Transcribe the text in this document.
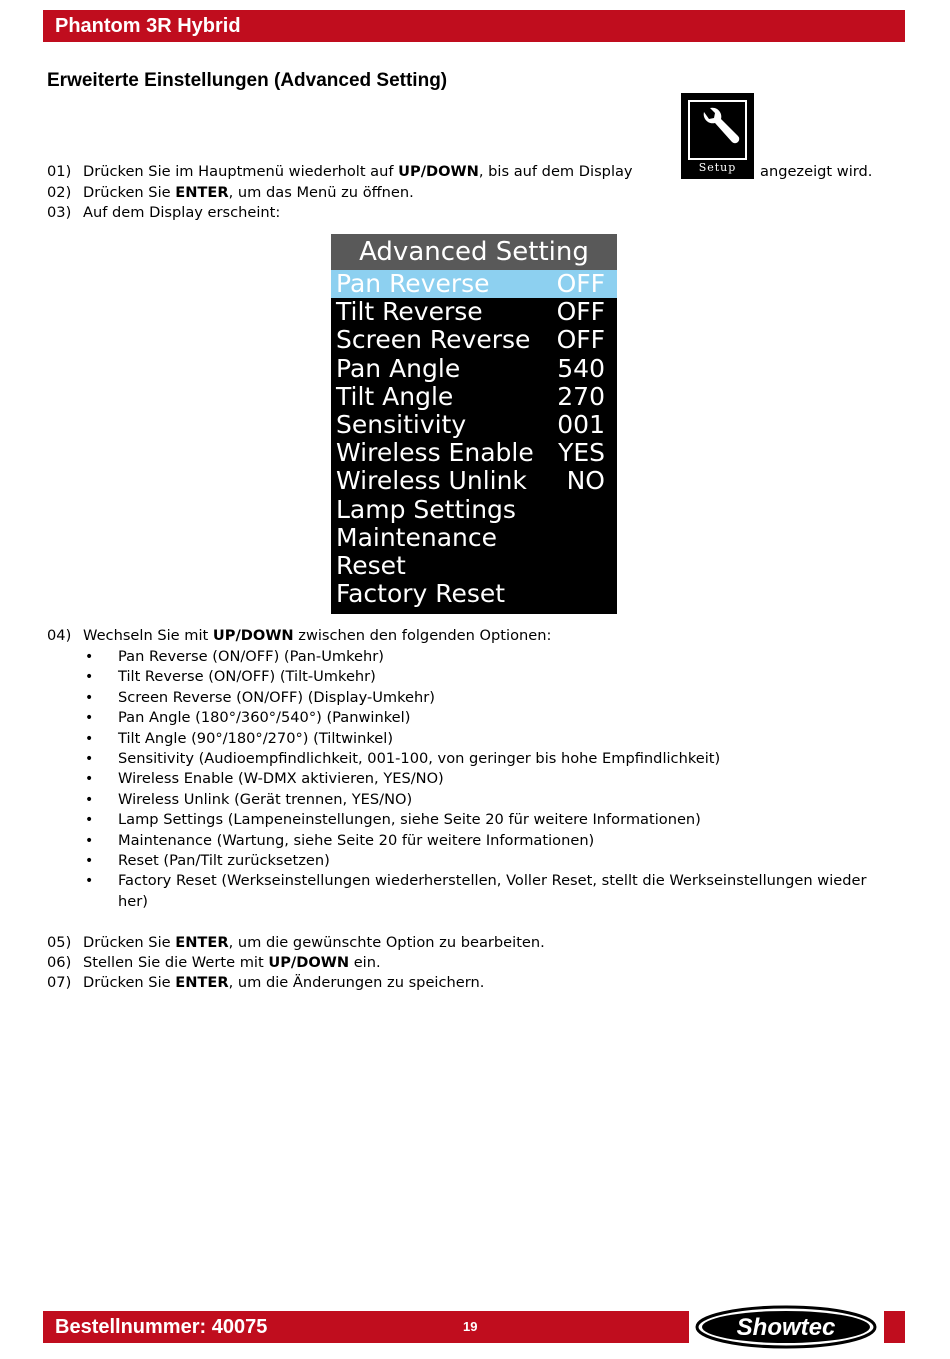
Phantom 3R Hybrid
Erweiterte Einstellungen (Advanced Setting)
01) Drücken Sie im Hauptmenü wiederholt auf UP/DOWN, bis auf dem Display	Setup	angezeigt wird.
02) Drücken Sie ENTER, um das Menü zu öffnen.
03) Auf dem Display erscheint:
Advanced Setting
Pan Reverse	OFF
Tilt Reverse	OFF
Screen Reverse OFF
Pan Angle	540
Tilt Angle	270
Sensitivity	001
Wireless Enable YES
Wireless Unlink NO
Lamp Settings
Maintenance
Reset
Factory Reset
04) Wechseln Sie mit UP/DOWN zwischen den folgenden Optionen:
• Pan Reverse (ON/OFF) (Pan-Umkehr)
• Tilt Reverse (ON/OFF) (Tilt-Umkehr)
• Screen Reverse (ON/OFF) (Display-Umkehr)
• Pan Angle (180°/360°/540°) (Panwinkel)
• Tilt Angle (90°/180°/270°) (Tiltwinkel)
• Sensitivity (Audioempfindlichkeit, 001-100, von geringer bis hohe Empfindlichkeit)
• Wireless Enable (W-DMX aktivieren, YES/NO)
• Wireless Unlink (Gerät trennen, YES/NO)
• Lamp Settings (Lampeneinstellungen, siehe Seite 20 für weitere Informationen)
• Maintenance (Wartung, siehe Seite 20 für weitere Informationen)
• Reset (Pan/Tilt zurücksetzen)
• Factory Reset (Werkseinstellungen wiederherstellen, Voller Reset, stellt die Werkseinstellungen wieder her)
05) Drücken Sie ENTER, um die gewünschte Option zu bearbeiten.
06) Stellen Sie die Werte mit UP/DOWN ein.
07) Drücken Sie ENTER, um die Änderungen zu speichern.
Bestellnummer: 40075	19	Showtec
